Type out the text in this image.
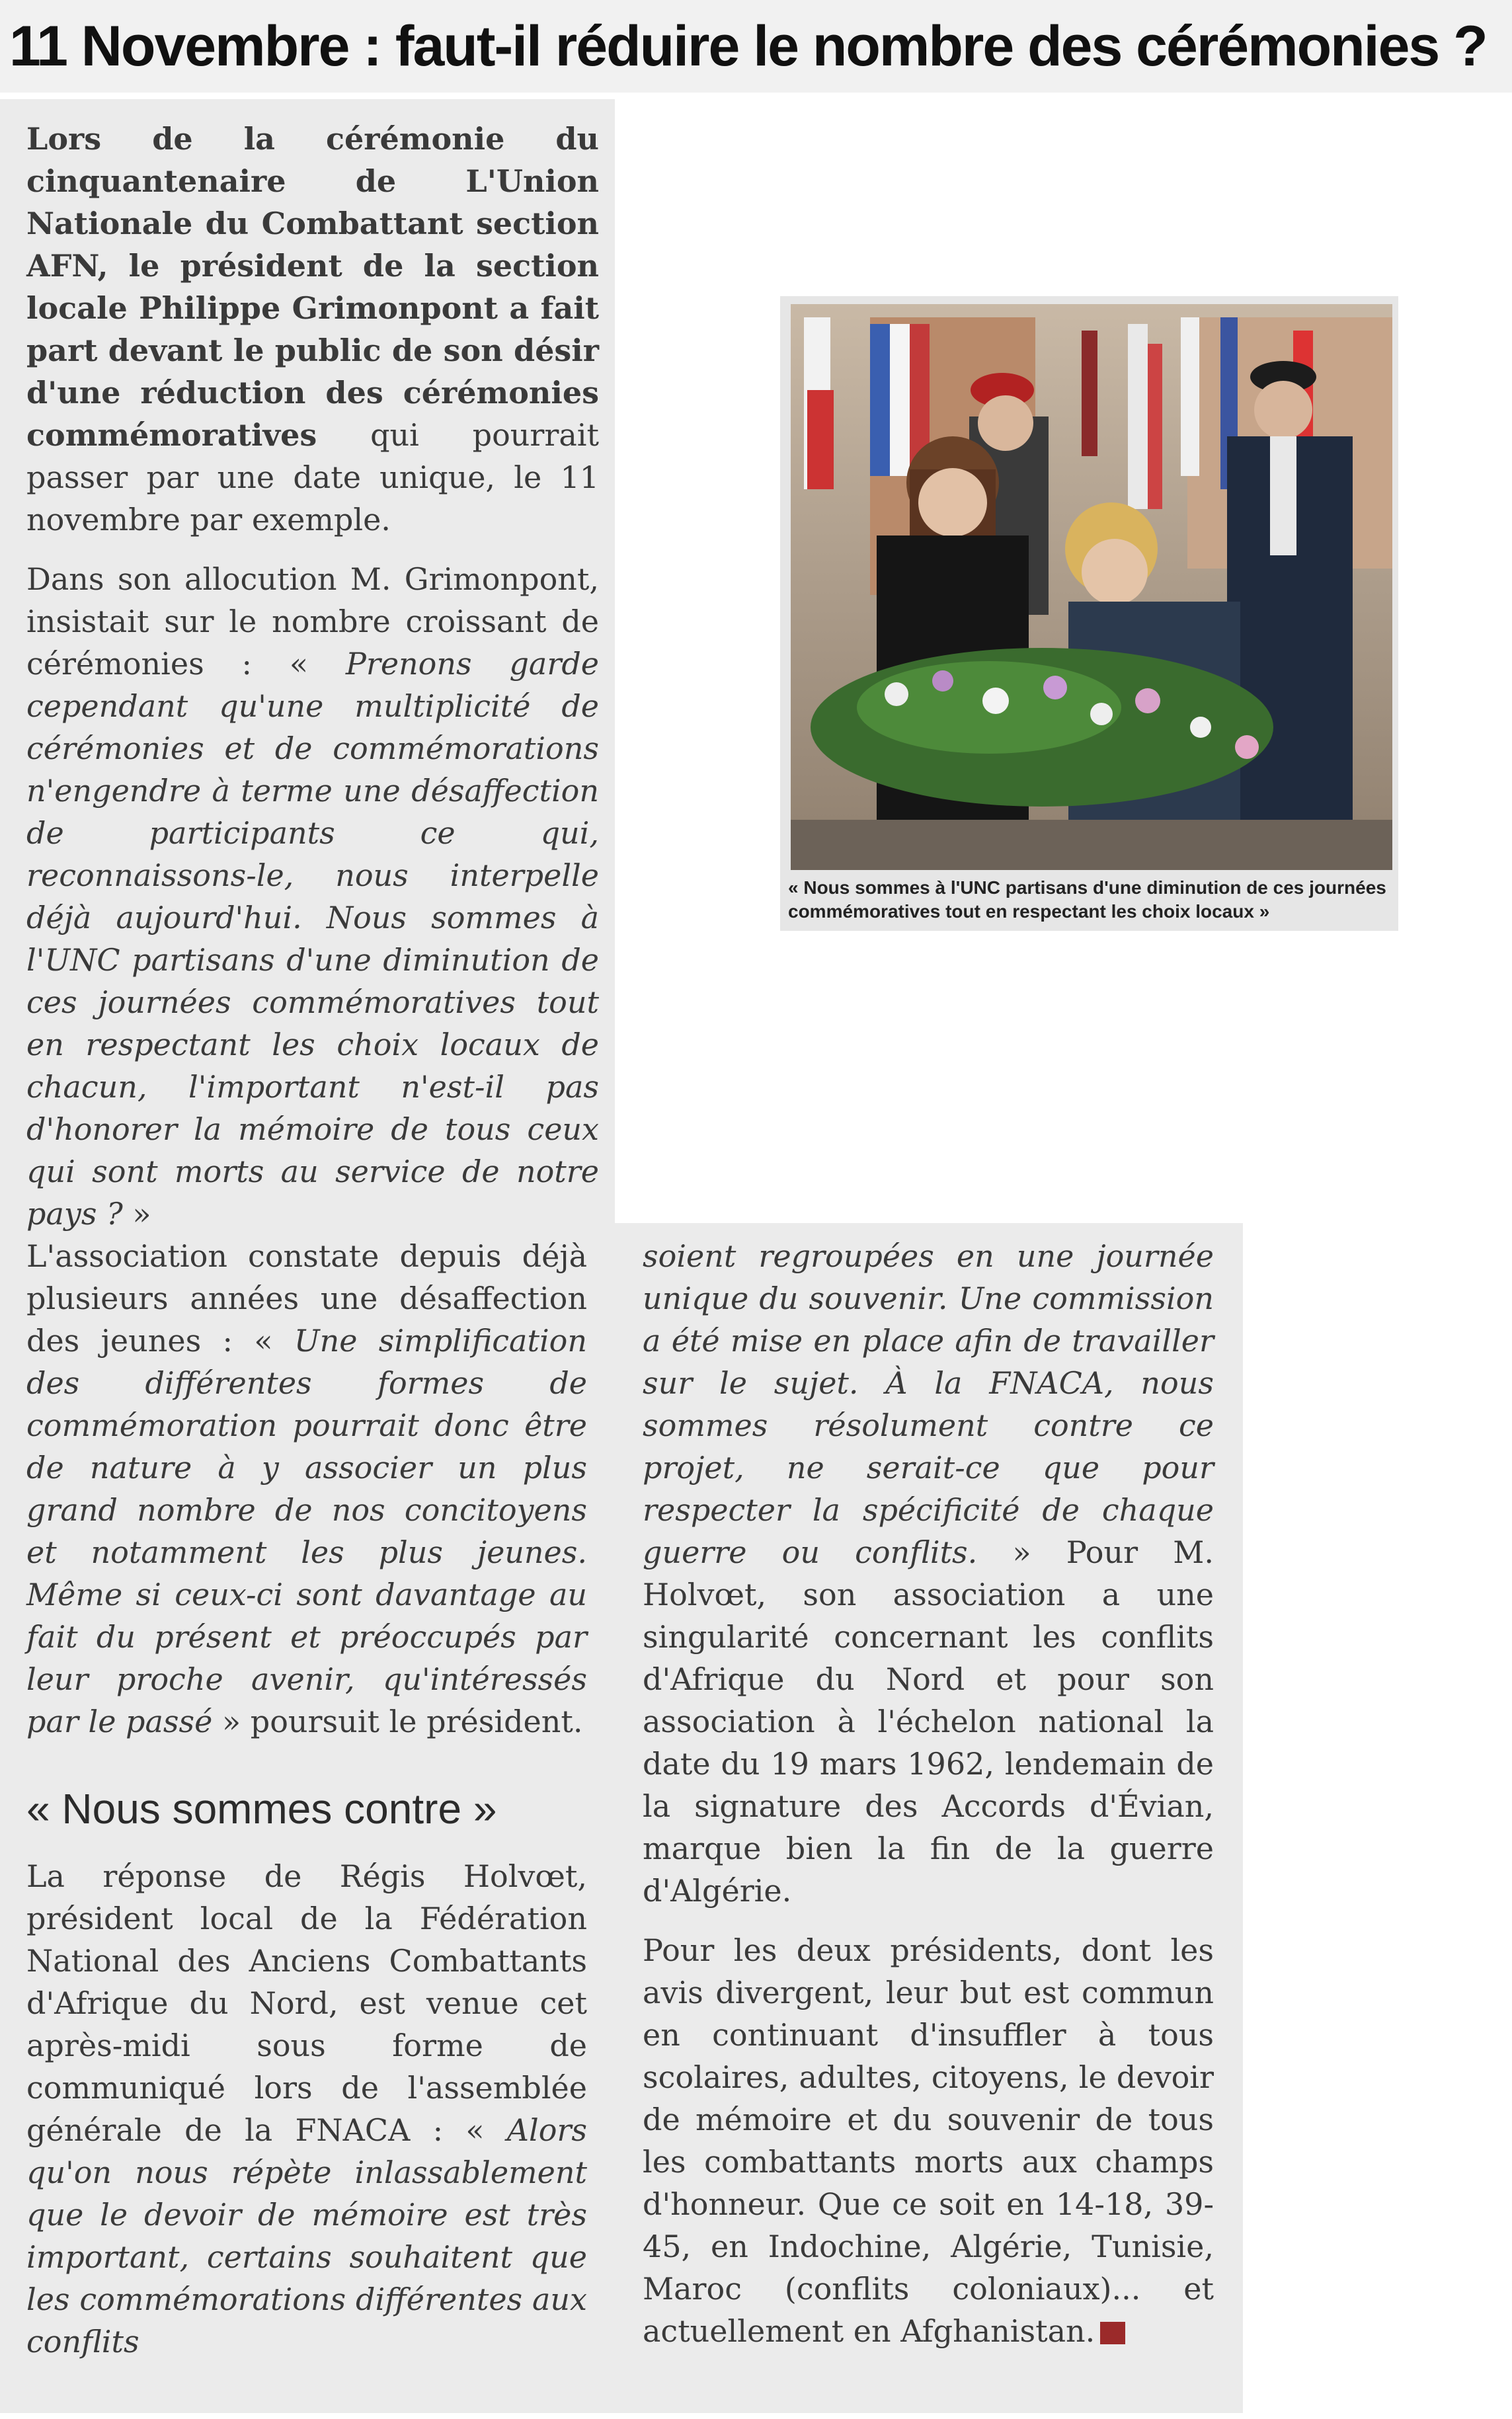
11 Novembre : faut-il réduire le nombre des cérémonies ?

Lors de la cérémonie du cinquantenaire de L'Union Nationale du Combattant section AFN, le président de la section locale Philippe Grimonpont a fait part devant le public de son désir d'une réduction des cérémonies commémoratives qui pourrait passer par une date unique, le 11 novembre par exemple.

Dans son allocution M. Grimonpont, insistait sur le nombre croissant de cérémonies : « Prenons garde cependant qu'une multiplicité de cérémonies et de commémorations n'engendre à terme une désaffection de participants ce qui, reconnaissons-le, nous interpelle déjà aujourd'hui. Nous sommes à l'UNC partisans d'une diminution de ces journées commémoratives tout en respectant les choix locaux de chacun, l'important n'est-il pas d'honorer la mémoire de tous ceux qui sont morts au service de notre pays ? »

« Nous sommes à l'UNC partisans d'une diminution de ces journées commémoratives tout en respectant les choix locaux »

L'association constate depuis déjà plusieurs années une désaffection des jeunes : « Une simplification des différentes formes de commémoration pourrait donc être de nature à y associer un plus grand nombre de nos concitoyens et notamment les plus jeunes. Même si ceux-ci sont davantage au fait du présent et préoccupés par leur proche avenir, qu'intéressés par le passé » poursuit le président.

« Nous sommes contre »

La réponse de Régis Holvœt, président local de la Fédération National des Anciens Combattants d'Afrique du Nord, est venue cet après-midi sous forme de communiqué lors de l'assemblée générale de la FNACA : « Alors qu'on nous répète inlassablement que le devoir de mémoire est très important, certains souhaitent que les commémorations différentes aux conflits

soient regroupées en une journée unique du souvenir. Une commission a été mise en place afin de travailler sur le sujet. À la FNACA, nous sommes résolument contre ce projet, ne serait-ce que pour respecter la spécificité de chaque guerre ou conflits. » Pour M. Holvœt, son association a une singularité concernant les conflits d'Afrique du Nord et pour son association à l'échelon national la date du 19 mars 1962, lendemain de la signature des Accords d'Évian, marque bien la fin de la guerre d'Algérie.

Pour les deux présidents, dont les avis divergent, leur but est commun en continuant d'insuffler à tous scolaires, adultes, citoyens, le devoir de mémoire et du souvenir de tous les combattants morts aux champs d'honneur. Que ce soit en 14-18, 39-45, en Indochine, Algérie, Tunisie, Maroc (conflits coloniaux)... et actuellement en Afghanistan.
